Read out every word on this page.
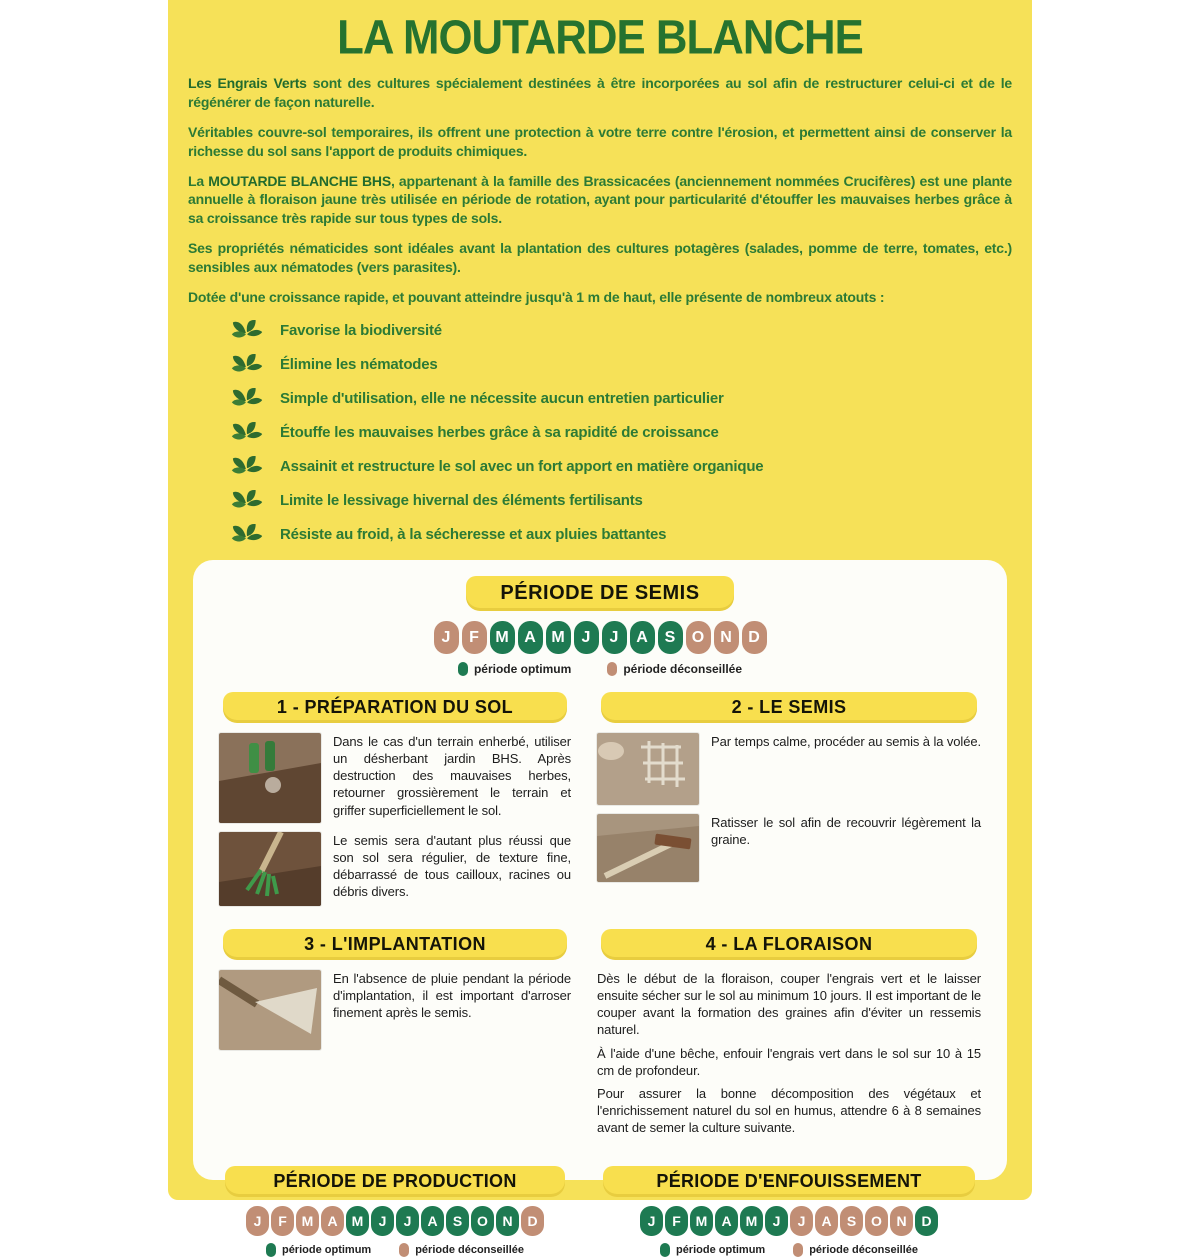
LA MOUTARDE BLANCHE

Les Engrais Verts sont des cultures spécialement destinées à être incorporées au sol afin de restructurer celui-ci et de le régénérer de façon naturelle.

Véritables couvre-sol temporaires, ils offrent une protection à votre terre contre l'érosion, et permettent ainsi de conserver la richesse du sol sans l'apport de produits chimiques.

La MOUTARDE BLANCHE BHS, appartenant à la famille des Brassicacées (anciennement nommées Crucifères) est une plante annuelle à floraison jaune très utilisée en période de rotation, ayant pour particularité d'étouffer les mauvaises herbes grâce à sa croissance très rapide sur tous types de sols.

Ses propriétés nématicides sont idéales avant la plantation des cultures potagères (salades, pomme de terre, tomates, etc.) sensibles aux nématodes (vers parasites).

Dotée d'une croissance rapide, et pouvant atteindre jusqu'à 1 m de haut, elle présente de nombreux atouts :

Favorise la biodiversité
Élimine les nématodes
Simple d'utilisation, elle ne nécessite aucun entretien particulier
Étouffe les mauvaises herbes grâce à sa rapidité de croissance
Assainit et restructure le sol avec un fort apport en matière organique
Limite le lessivage hivernal des éléments fertilisants
Résiste au froid, à la sécheresse et aux pluies battantes
PÉRIODE DE SEMIS
J	F	M A M	J	J	A	S	O	N	D
période optimum	période déconseillée
1 - PRÉPARATION DU SOL
Dans le cas d'un terrain enherbé, utiliser un désherbant jardin BHS. Après destruction des mauvaises herbes, retourner grossièrement le terrain et griffer superficiellement le sol.
Le semis sera d'autant plus réussi que son sol sera régulier, de texture fine, débarrassé de tous cailloux, racines ou débris divers.
2 - LE SEMIS
Par temps calme, procéder au semis à la volée.
Ratisser le sol afin de recouvrir légèrement la graine.
3 - L'IMPLANTATION
En l'absence de pluie pendant la période d'implantation, il est important d'arroser finement après le semis.
4 - LA FLORAISON

Dès le début de la floraison, couper l'engrais vert et le laisser ensuite sécher sur le sol au minimum 10 jours. Il est important de le couper avant la formation des graines afin d'éviter un ressemis naturel.

À l'aide d'une bêche, enfouir l'engrais vert dans le sol sur 10 à 15 cm de profondeur.

Pour assurer la bonne décomposition des végétaux et l'enrichissement naturel du sol en humus, attendre 6 à 8 semaines avant de semer la culture suivante.

PÉRIODE DE PRODUCTION
J	F	M	A	M	J	J	A	S	O	N	D
période optimum	période déconseillée
PÉRIODE D'ENFOUISSEMENT
J	F	M	A	M	J	J	A	S	O	N	D
période optimum	période déconseillée
